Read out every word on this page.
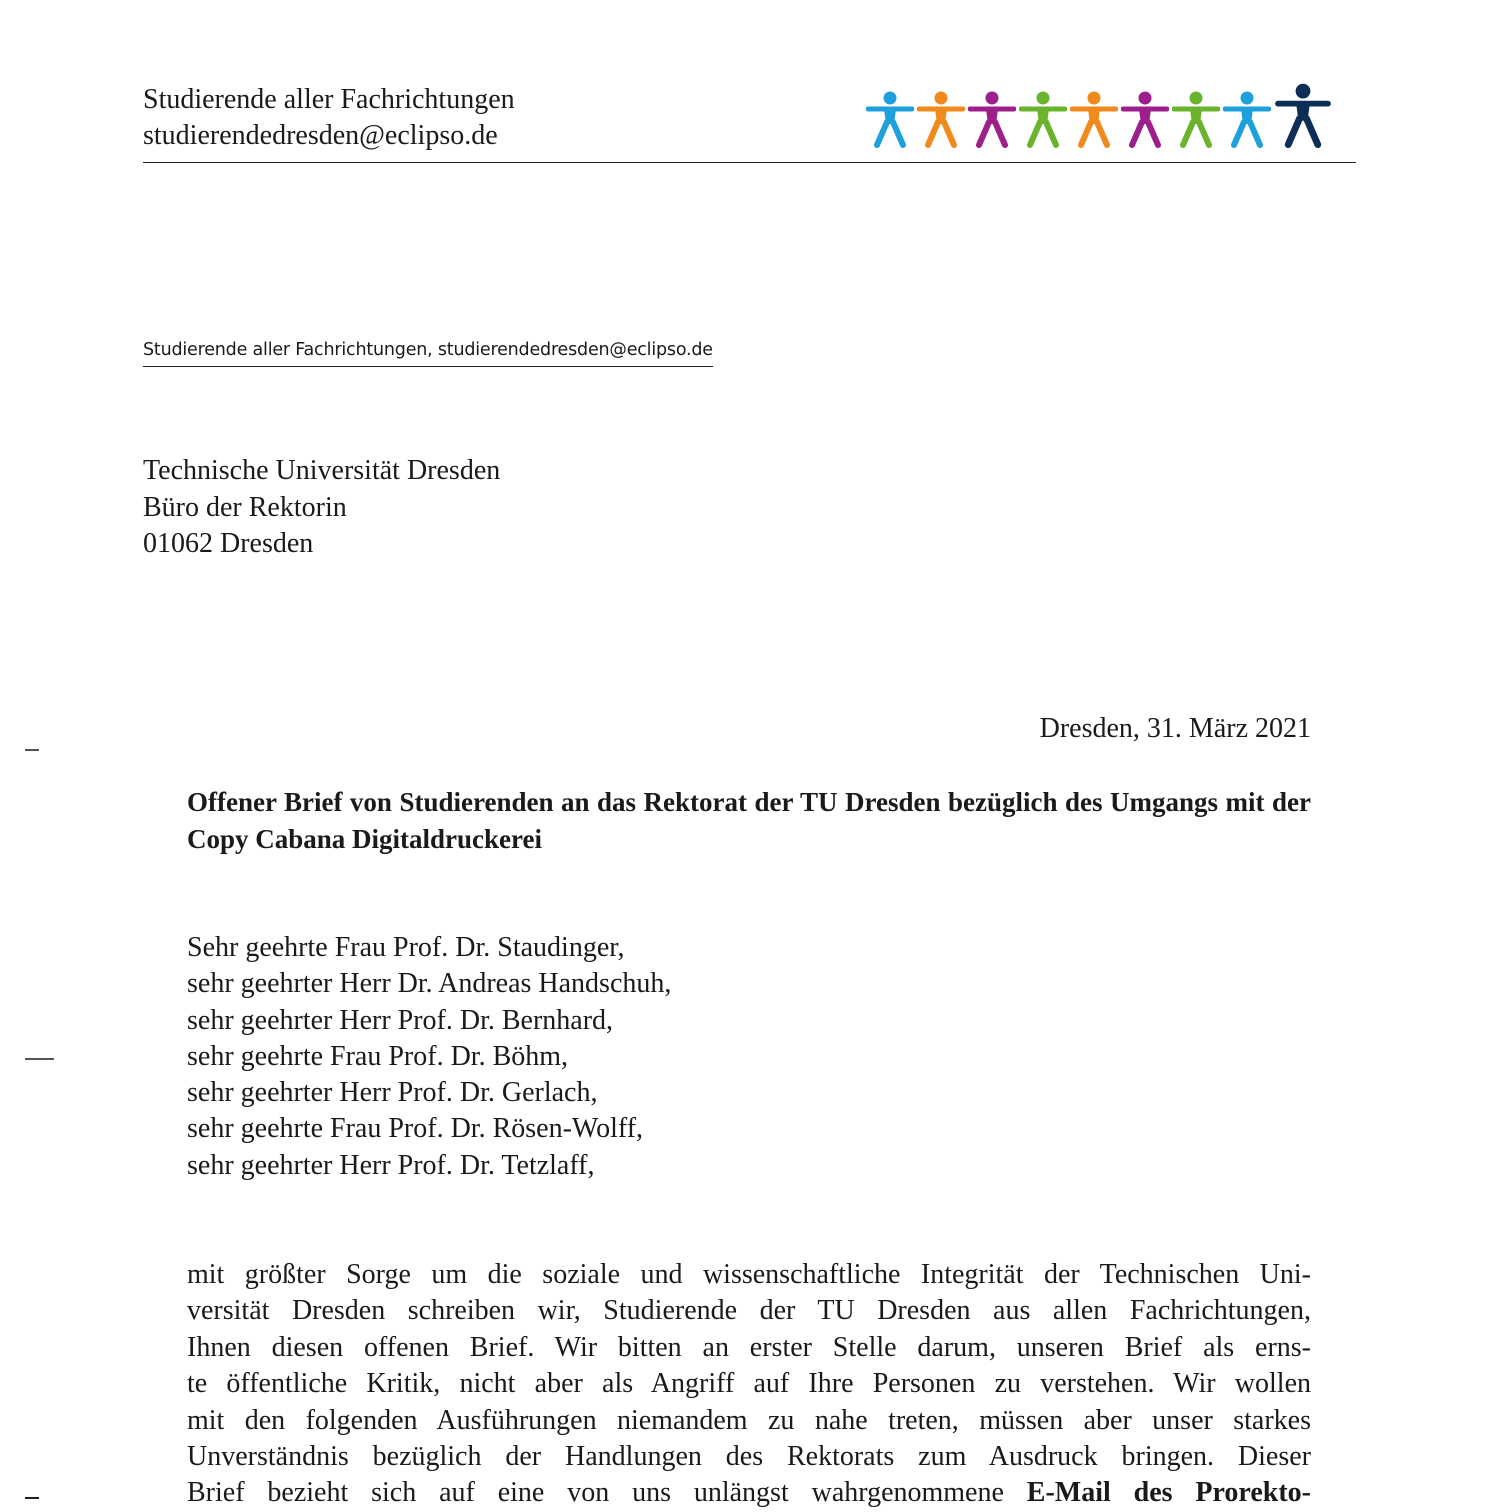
Studierende aller Fachrichtungen
studierendedresden@eclipso.de
Studierende aller Fachrichtungen, studierendedresden@eclipso.de
Technische Universität Dresden
Büro der Rektorin
01062 Dresden
Dresden, 31. März 2021
Offener Brief von Studierenden an das Rektorat der TU Dresden bezüglich des Umgangs mit der Copy Cabana Digitaldruckerei
Sehr geehrte Frau Prof. Dr. Staudinger,
sehr geehrter Herr Dr. Andreas Handschuh,
sehr geehrter Herr Prof. Dr. Bernhard,
sehr geehrte Frau Prof. Dr. Böhm,
sehr geehrter Herr Prof. Dr. Gerlach,
sehr geehrte Frau Prof. Dr. Rösen-Wolff,
sehr geehrter Herr Prof. Dr. Tetzlaff,
mit größter Sorge um die soziale und wissenschaftliche Integrität der Technischen Uni-
versität Dresden schreiben wir, Studierende der TU Dresden aus allen Fachrichtungen,
Ihnen diesen offenen Brief. Wir bitten an erster Stelle darum, unseren Brief als erns-
te öffentliche Kritik, nicht aber als Angriff auf Ihre Personen zu verstehen. Wir wollen
mit den folgenden Ausführungen niemandem zu nahe treten, müssen aber unser starkes
Unverständnis bezüglich der Handlungen des Rektorats zum Ausdruck bringen. Dieser
Brief bezieht sich auf eine von uns unlängst wahrgenommene E-Mail des Prorekto-
